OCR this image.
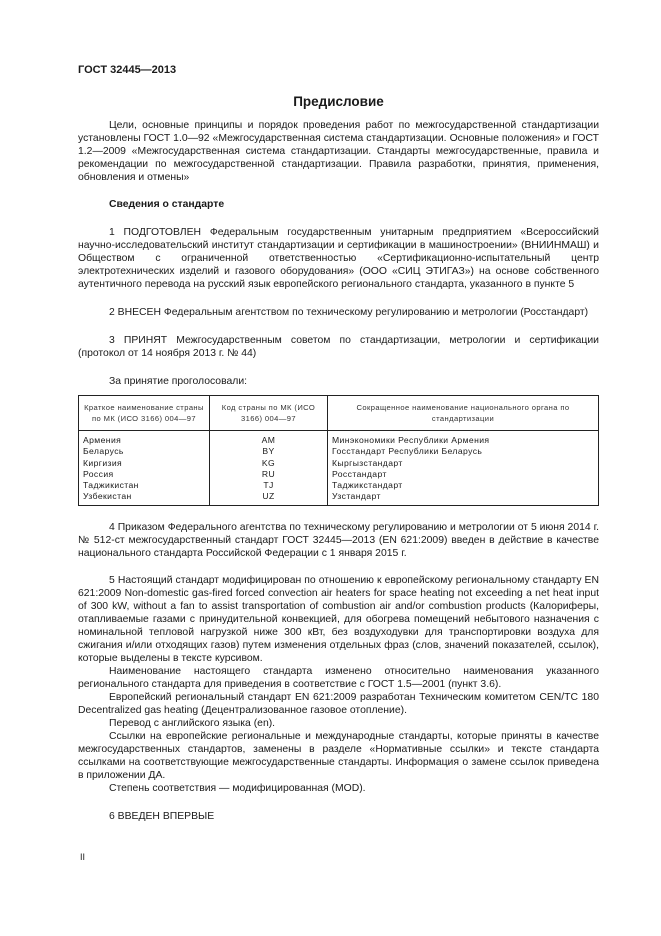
ГОСТ 32445—2013
Предисловие

Цели, основные принципы и порядок проведения работ по межгосударственной стандартизации установлены ГОСТ 1.0—92 «Межгосударственная система стандартизации. Основные положения» и ГОСТ 1.2—2009 «Межгосударственная система стандартизации. Стандарты межгосударственные, правила и рекомендации по межгосударственной стандартизации. Правила разработки, принятия, применения, обновления и отмены»

Сведения о стандарте

1 ПОДГОТОВЛЕН Федеральным государственным унитарным предприятием «Всероссийский научно-исследовательский институт стандартизации и сертификации в машиностроении» (ВНИИНМАШ) и Обществом с ограниченной ответственностью «Сертификационно-испытательный центр электротехнических изделий и газового оборудования» (ООО «СИЦ ЭТИГАЗ») на основе собственного аутентичного перевода на русский язык европейского регионального стандарта, указанного в пункте 5

2 ВНЕСЕН Федеральным агентством по техническому регулированию и метрологии (Росстандарт)

3 ПРИНЯТ Межгосударственным советом по стандартизации, метрологии и сертификации (протокол от 14 ноября 2013 г. № 44)

За принятие проголосовали:

Краткое наименование страны по МК (ИСО 3166) 004—97	Код страны по МК (ИСО 3166) 004—97	Сокращенное наименование национального органа по стандартизации
Армения	AM	Минэкономики Республики Армения
Беларусь	BY	Госстандарт Республики Беларусь
Киргизия	KG	Кыргызстандарт
Россия	RU	Росстандарт
Таджикистан	TJ	Таджикстандарт
Узбекистан	UZ	Узстандарт

4 Приказом Федерального агентства по техническому регулированию и метрологии от 5 июня 2014 г. № 512-ст межгосударственный стандарт ГОСТ 32445—2013 (EN 621:2009) введен в действие в качестве национального стандарта Российской Федерации с 1 января 2015 г.

5 Настоящий стандарт модифицирован по отношению к европейскому региональному стандарту EN 621:2009 Non-domestic gas-fired forced convection air heaters for space heating not exceeding a net heat input of 300 kW, without a fan to assist transportation of combustion air and/or combustion products (Калориферы, отапливаемые газами с принудительной конвекцией, для обогрева помещений небытового назначения с номинальной тепловой нагрузкой ниже 300 кВт, без воздуходувки для транспортировки воздуха для сжигания и/или отходящих газов) путем изменения отдельных фраз (слов, значений показателей, ссылок), которые выделены в тексте курсивом.

Наименование настоящего стандарта изменено относительно наименования указанного регионального стандарта для приведения в соответствие с ГОСТ 1.5—2001 (пункт 3.6).

Европейский региональный стандарт EN 621:2009 разработан Техническим комитетом CEN/TC 180 Decentralized gas heating (Децентрализованное газовое отопление).

Перевод с английского языка (en).

Ссылки на европейские региональные и международные стандарты, которые приняты в качестве межгосударственных стандартов, заменены в разделе «Нормативные ссылки» и тексте стандарта ссылками на соответствующие межгосударственные стандарты. Информация о замене ссылок приведена в приложении ДА.

Степень соответствия — модифицированная (MOD).

6 ВВЕДЕН ВПЕРВЫЕ

II
